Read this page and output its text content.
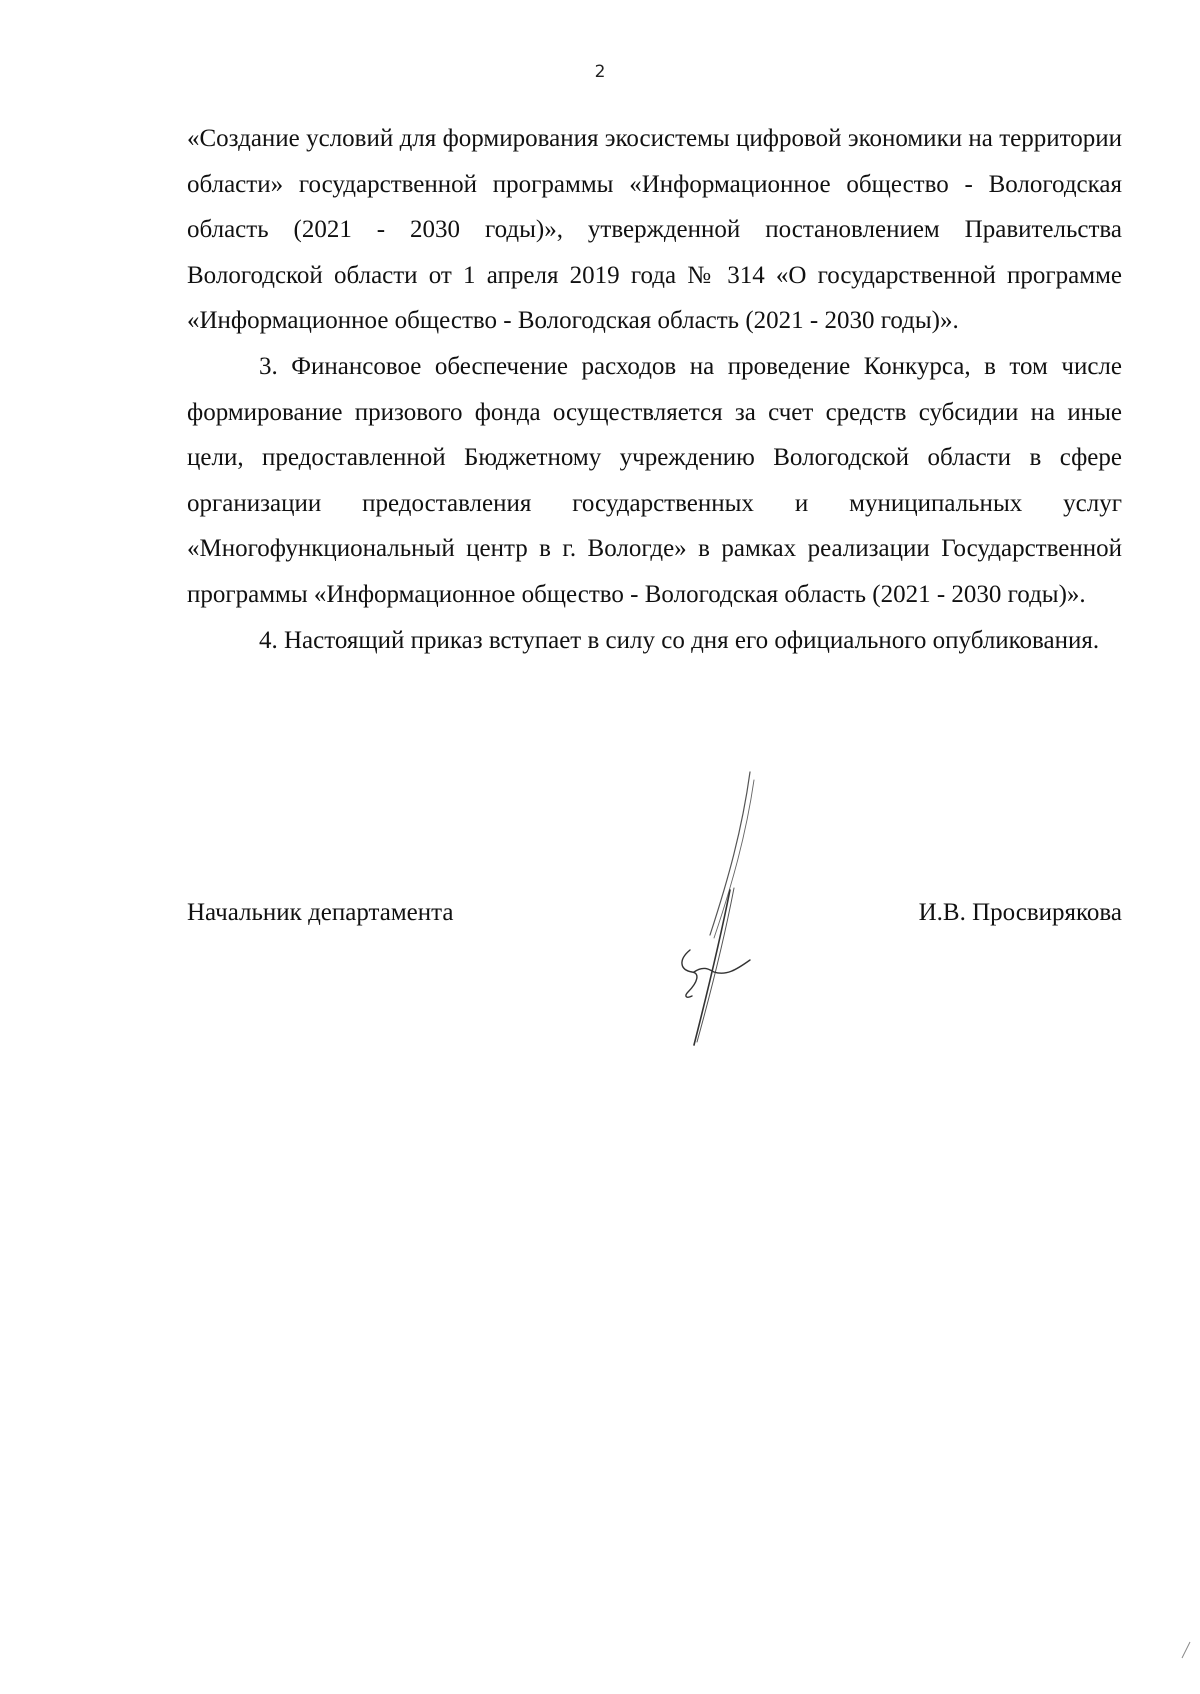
2

«Создание условий для формирования экосистемы цифровой экономики на территории области» государственной программы «Информационное общество - Вологодская область (2021 - 2030 годы)», утвержденной постановлением Правительства Вологодской области от 1 апреля 2019 года № 314 «О государственной программе «Информационное общество - Вологодская область (2021 - 2030 годы)».

3. Финансовое обеспечение расходов на проведение Конкурса, в том числе формирование призового фонда осуществляется за счет средств субсидии на иные цели, предоставленной Бюджетному учреждению Вологодской области в сфере организации предоставления государственных и муниципальных услуг «Многофункциональный центр в г. Вологде» в рамках реализации Государственной программы «Информационное общество - Вологодская область (2021 - 2030 годы)».

4. Настоящий приказ вступает в силу со дня его официального опубликования.

Начальник департамента	И.В. Просвирякова
